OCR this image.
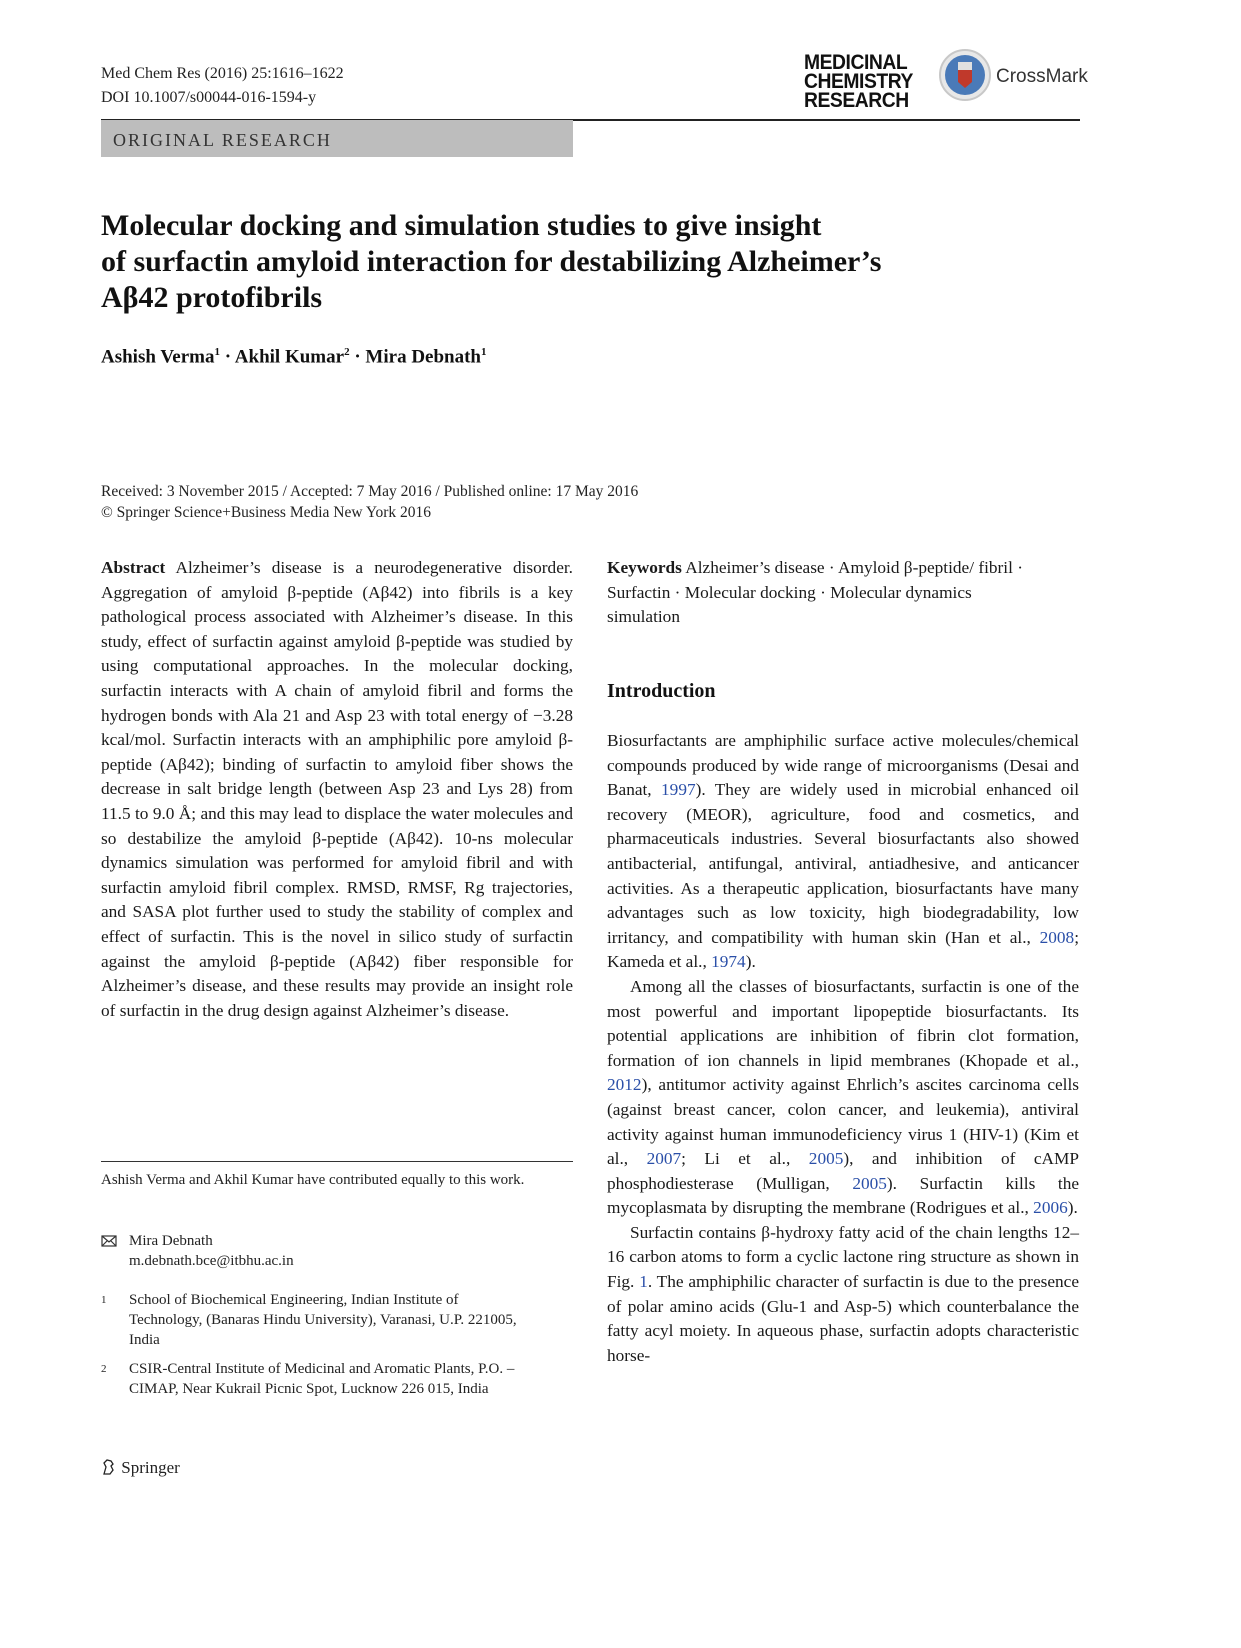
Med Chem Res (2016) 25:1616–1622
DOI 10.1007/s00044-016-1594-y
MEDICINAL
CHEMISTRY
RESEARCH
CrossMark
ORIGINAL RESEARCH
Molecular docking and simulation studies to give insight
of surfactin amyloid interaction for destabilizing Alzheimer’s
Aβ42 protofibrils
Ashish Verma$^1$ · Akhil Kumar$^2$ · Mira Debnath$^1$
Received: 3 November 2015 / Accepted: 7 May 2016 / Published online: 17 May 2016
© Springer Science+Business Media New York 2016

Abstract Alzheimer’s disease is a neurodegenerative disorder. Aggregation of amyloid β-peptide (Aβ42) into fibrils is a key pathological process associated with Alzheimer’s disease. In this study, effect of surfactin against amyloid β-peptide was studied by using computational approaches. In the molecular docking, surfactin interacts with A chain of amyloid fibril and forms the hydrogen bonds with Ala 21 and Asp 23 with total energy of −3.28 kcal/mol. Surfactin interacts with an amphiphilic pore amyloid β-peptide (Aβ42); binding of surfactin to amyloid fiber shows the decrease in salt bridge length (between Asp 23 and Lys 28) from 11.5 to 9.0 Å; and this may lead to displace the water molecules and so destabilize the amyloid β-peptide (Aβ42). 10-ns molecular dynamics simulation was performed for amyloid fibril and with surfactin amyloid fibril complex. RMSD, RMSF, Rg trajectories, and SASA plot further used to study the stability of complex and effect of surfactin. This is the novel in silico study of surfactin against the amyloid β-peptide (Aβ42) fiber responsible for Alzheimer’s disease, and these results may provide an insight role of surfactin in the drug design against Alzheimer’s disease.

Ashish Verma and Akhil Kumar have contributed equally to this work.
Mira Debnath
m.debnath.bce@itbhu.ac.in
$^1$ School of Biochemical Engineering, Indian Institute of Technology, (Banaras Hindu University), Varanasi, U.P. 221005, India
$^2$ CSIR-Central Institute of Medicinal and Aromatic Plants, P.O. – CIMAP, Near Kukrail Picnic Spot, Lucknow 226 015, India

Keywords Alzheimer’s disease · Amyloid β-peptide/ fibril · Surfactin · Molecular docking · Molecular dynamics simulation

Introduction

Biosurfactants are amphiphilic surface active molecules/chemical compounds produced by wide range of microorganisms (Desai and Banat, 1997). They are widely used in microbial enhanced oil recovery (MEOR), agriculture, food and cosmetics, and pharmaceuticals industries. Several biosurfactants also showed antibacterial, antifungal, antiviral, antiadhesive, and anticancer activities. As a therapeutic application, biosurfactants have many advantages such as low toxicity, high biodegradability, low irritancy, and compatibility with human skin (Han et al., 2008; Kameda et al., 1974).

Among all the classes of biosurfactants, surfactin is one of the most powerful and important lipopeptide biosurfactants. Its potential applications are inhibition of fibrin clot formation, formation of ion channels in lipid membranes (Khopade et al., 2012), antitumor activity against Ehrlich’s ascites carcinoma cells (against breast cancer, colon cancer, and leukemia), antiviral activity against human immunodeficiency virus 1 (HIV-1) (Kim et al., 2007; Li et al., 2005), and inhibition of cAMP phosphodiesterase (Mulligan, 2005). Surfactin kills the mycoplasmata by disrupting the membrane (Rodrigues et al., 2006).

Surfactin contains β-hydroxy fatty acid of the chain lengths 12–16 carbon atoms to form a cyclic lactone ring structure as shown in Fig. 1. The amphiphilic character of surfactin is due to the presence of polar amino acids (Glu-1 and Asp-5) which counterbalance the fatty acyl moiety. In aqueous phase, surfactin adopts characteristic horse-

Springer
